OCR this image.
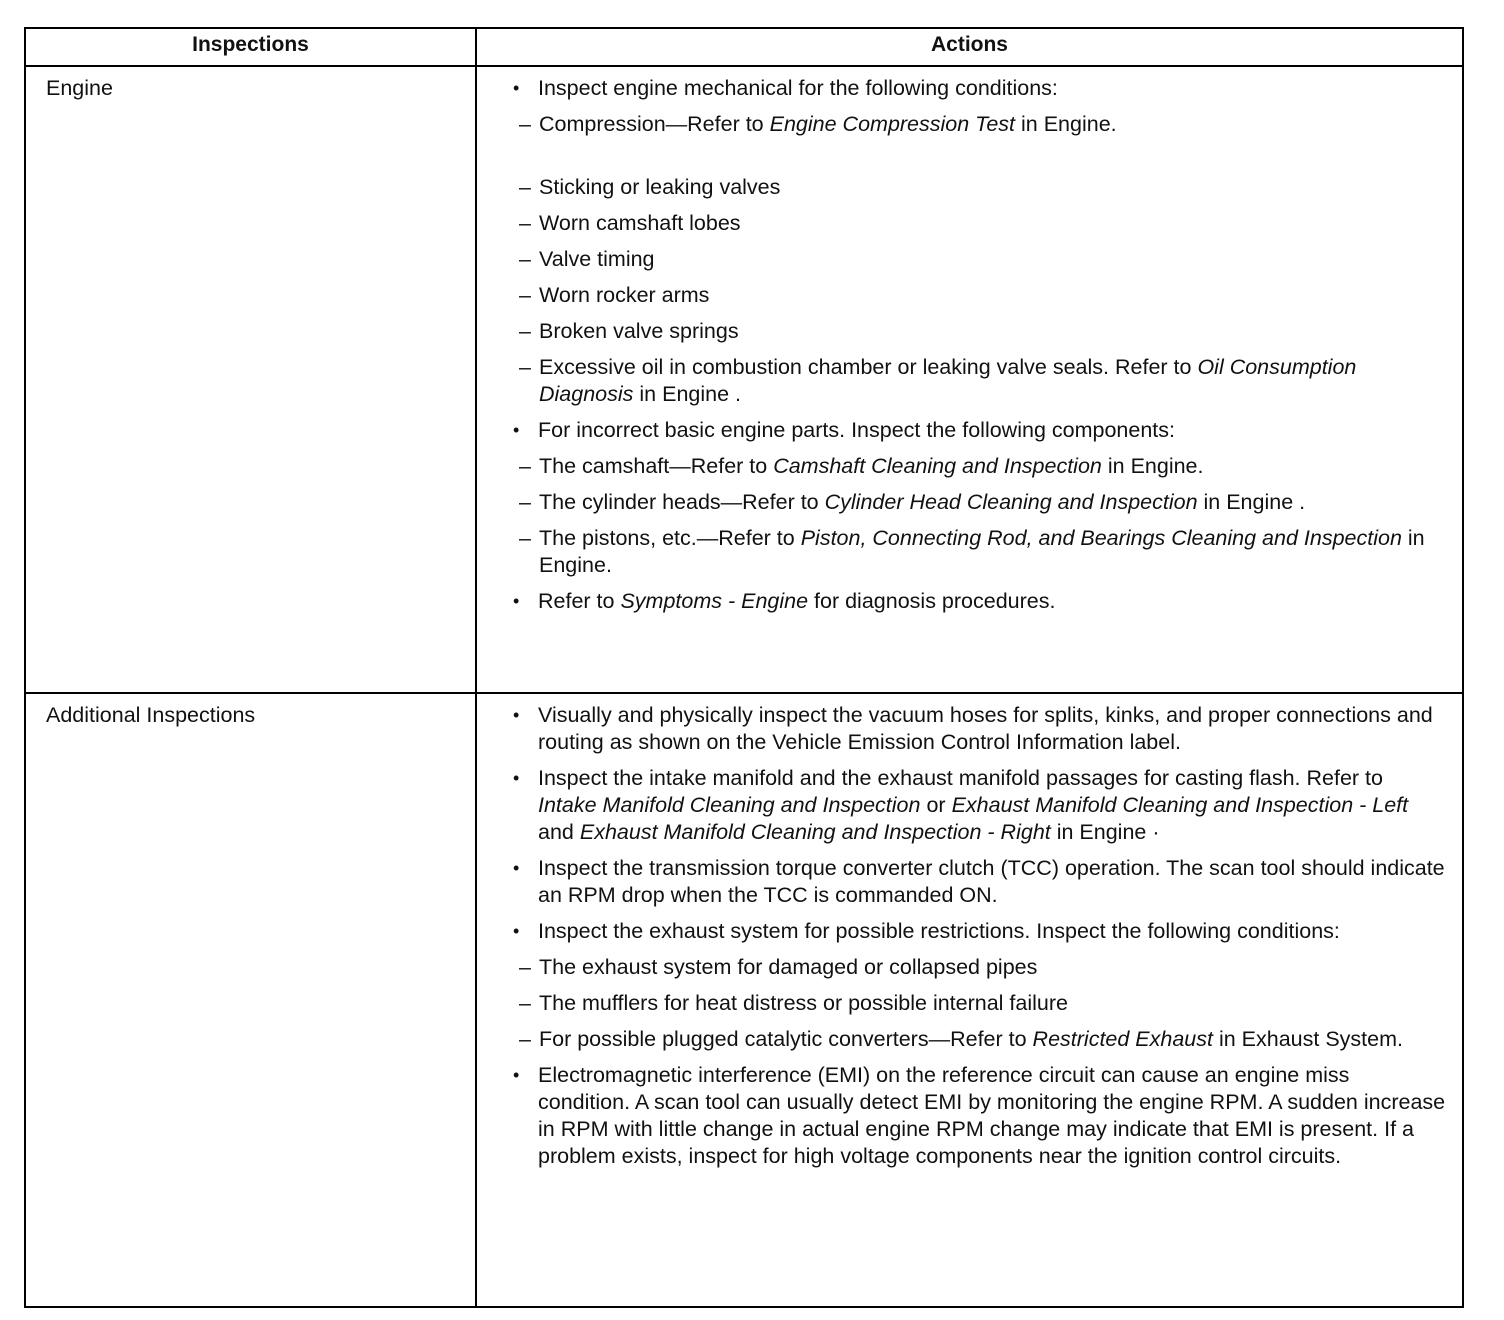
Inspections	Actions
Engine	• Inspect engine mechanical for the following conditions:
– Compression—Refer to Engine Compression Test in Engine.
– Sticking or leaking valves
– Worn camshaft lobes
– Valve timing
– Worn rocker arms
– Broken valve springs
– Excessive oil in combustion chamber or leaking valve seals. Refer to Oil Consumption Diagnosis in Engine .
• For incorrect basic engine parts. Inspect the following components:
– The camshaft—Refer to Camshaft Cleaning and Inspection in Engine.
– The cylinder heads—Refer to Cylinder Head Cleaning and Inspection in Engine .
– The pistons, etc.—Refer to Piston, Connecting Rod, and Bearings Cleaning and Inspection in Engine.
• Refer to Symptoms - Engine for diagnosis procedures.

Additional Inspections	• Visually and physically inspect the vacuum hoses for splits, kinks, and proper connections and routing as shown on the Vehicle Emission Control Information label.
• Inspect the intake manifold and the exhaust manifold passages for casting flash. Refer to Intake Manifold Cleaning and Inspection or Exhaust Manifold Cleaning and Inspection - Left and Exhaust Manifold Cleaning and Inspection - Right in Engine ·
• Inspect the transmission torque converter clutch (TCC) operation. The scan tool should indicate an RPM drop when the TCC is commanded ON.
• Inspect the exhaust system for possible restrictions. Inspect the following conditions:
– The exhaust system for damaged or collapsed pipes
– The mufflers for heat distress or possible internal failure
– For possible plugged catalytic converters—Refer to Restricted Exhaust in Exhaust System.
• Electromagnetic interference (EMI) on the reference circuit can cause an engine miss condition. A scan tool can usually detect EMI by monitoring the engine RPM. A sudden increase in RPM with little change in actual engine RPM change may indicate that EMI is present. If a problem exists, inspect for high voltage components near the ignition control circuits.
